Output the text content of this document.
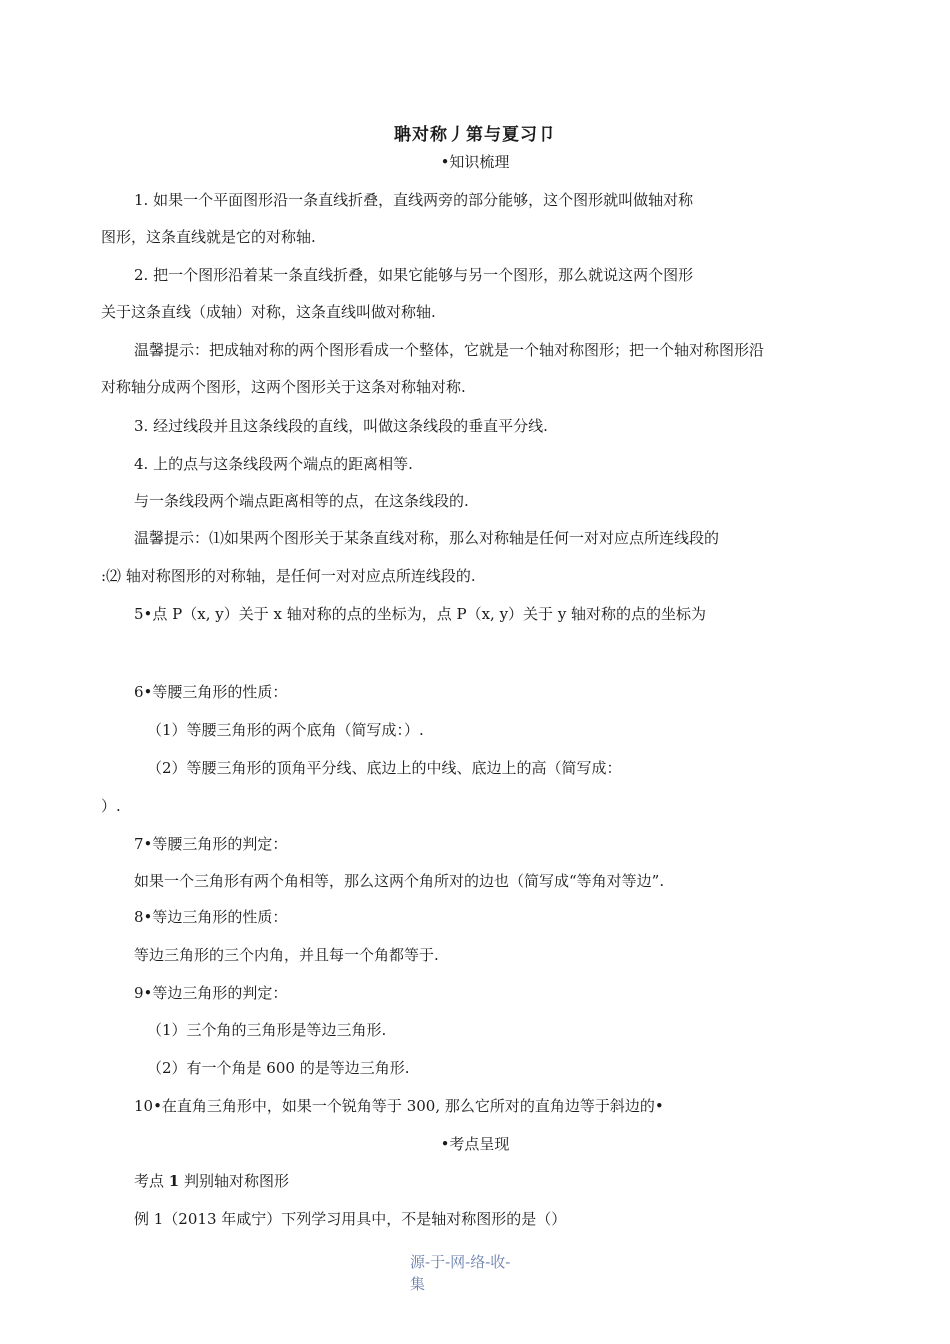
聃对称丿第与夏习卩
•知识梳理
1. 如果一个平面图形沿一条直线折叠，直线两旁的部分能够，这个图形就叫做轴对称
图形，这条直线就是它的对称轴.
2. 把一个图形沿着某一条直线折叠，如果它能够与另一个图形，那么就说这两个图形
关于这条直线（成轴）对称，这条直线叫做对称轴.
温馨提示：把成轴对称的两个图形看成一个整体，它就是一个轴对称图形；把一个轴对称图形沿
对称轴分成两个图形，这两个图形关于这条对称轴对称.
3. 经过线段并且这条线段的直线，叫做这条线段的垂直平分线.
4. 上的点与这条线段两个端点的距离相等.
与一条线段两个端点距离相等的点，在这条线段的.
温馨提示：⑴如果两个图形关于某条直线对称，那么对称轴是任何一对对应点所连线段的
:⑵ 轴对称图形的对称轴，是任何一对对应点所连线段的.
5•点 P（x, y）关于 x 轴对称的点的坐标为，点 P（x, y）关于 y 轴对称的点的坐标为
6•等腰三角形的性质：
（1）等腰三角形的两个底角（简写成：）.
（2）等腰三角形的顶角平分线、底边上的中线、底边上的高（简写成：
）.
7•等腰三角形的判定：
如果一个三角形有两个角相等，那么这两个角所对的边也（简写成“等角对等边”.
8•等边三角形的性质：
等边三角形的三个内角，并且每一个角都等于.
9•等边三角形的判定：
（1）三个角的三角形是等边三角形.
（2）有一个角是 600 的是等边三角形.
10•在直角三角形中，如果一个锐角等于 300, 那么它所对的直角边等于斜边的•
•考点呈现
考点 1 判别轴对称图形
例 1（2013 年咸宁）下列学习用具中，不是轴对称图形的是（）
源-于-网-络-收-
集
